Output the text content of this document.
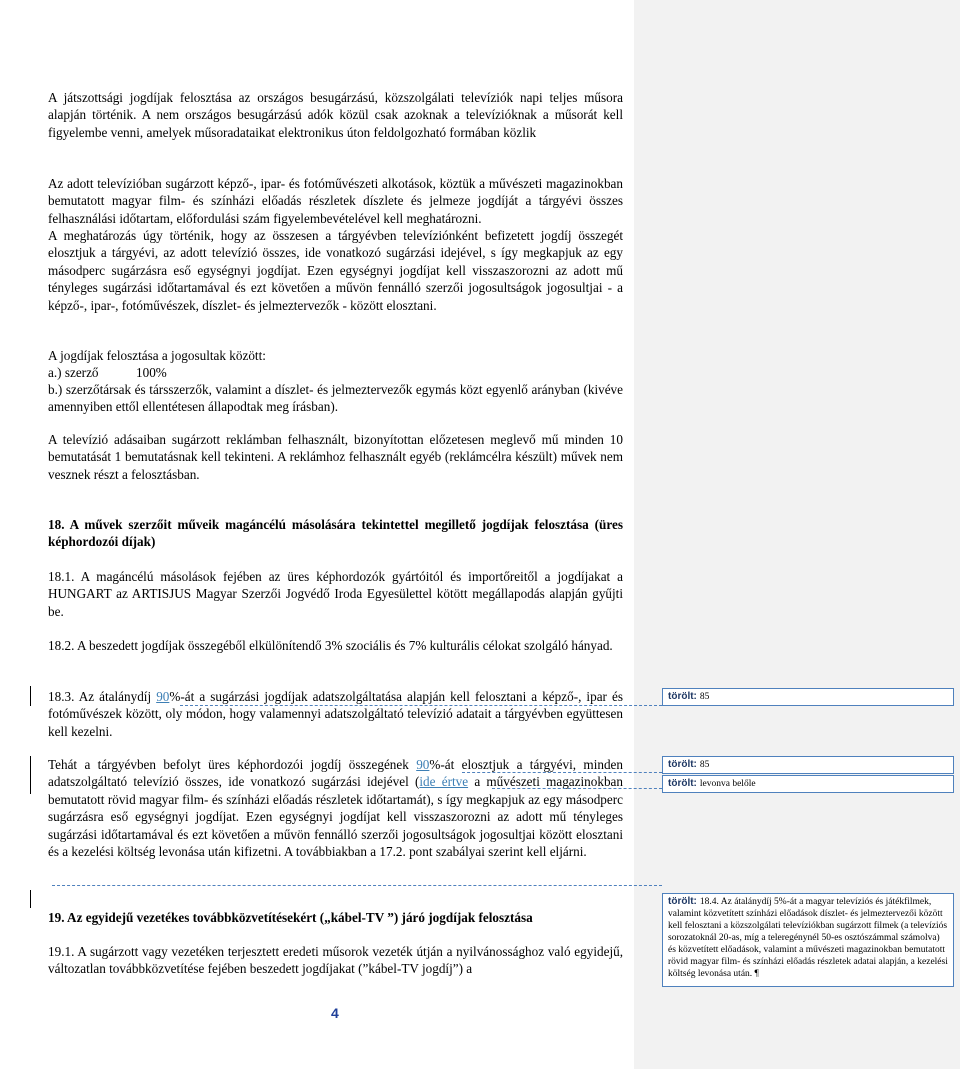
A játszottsági jogdíjak felosztása az országos besugárzású, közszolgálati televíziók napi teljes műsora alapján történik. A nem országos besugárzású adók közül csak azoknak a televízióknak a műsorát kell figyelembe venni, amelyek műsoradataikat elektronikus úton feldolgozható formában közlik

Az adott televízióban sugárzott képző-, ipar- és fotóművészeti alkotások, köztük a művészeti magazinokban bemutatott magyar film- és színházi előadás részletek díszlete és jelmeze jogdíját a tárgyévi összes felhasználási időtartam, előfordulási szám figyelembevételével kell meghatározni.

A meghatározás úgy történik, hogy az összesen a tárgyévben televíziónként befizetett jogdíj összegét elosztjuk a tárgyévi, az adott televízió összes, ide vonatkozó sugárzási idejével, s így megkapjuk az egy másodperc sugárzásra eső egységnyi jogdíjat. Ezen egységnyi jogdíjat kell visszaszorozni az adott mű tényleges sugárzási időtartamával és ezt követően a művön fennálló szerzői jogosultságok jogosultjai - a képző-, ipar-, fotóművészek, díszlet- és jelmeztervezők - között elosztani.

A jogdíjak felosztása a jogosultak között:
a.) szerző	100%

b.) szerzőtársak és társszerzők, valamint a díszlet- és jelmeztervezők egymás közt egyenlő arányban (kivéve amennyiben ettől ellentétesen állapodtak meg írásban).

A televízió adásaiban sugárzott reklámban felhasznált, bizonyítottan előzetesen meglevő mű minden 10 bemutatását 1 bemutatásnak kell tekinteni. A reklámhoz felhasznált egyéb (reklámcélra készült) művek nem vesznek részt a felosztásban.

18. A művek szerzőit műveik magáncélú másolására tekintettel megillető jogdíjak felosztása (üres képhordozói díjak)

18.1. A magáncélú másolások fejében az üres képhordozók gyártóitól és importőreitől a jogdíjakat a HUNGART az ARTISJUS Magyar Szerzői Jogvédő Iroda Egyesülettel kötött megállapodás alapján gyűjti be.

18.2. A beszedett jogdíjak összegéből elkülönítendő 3% szociális és 7% kulturális célokat szolgáló hányad.

18.3. Az átalánydíj 90%-át a sugárzási jogdíjak adatszolgáltatása alapján kell felosztani a képző-, ipar és fotóművészek között, oly módon, hogy valamennyi adatszolgáltató televízió adatait a tárgyévben együttesen kell kezelni.

Tehát a tárgyévben befolyt üres képhordozói jogdíj összegének 90%-át elosztjuk a tárgyévi, minden adatszolgáltató televízió összes, ide vonatkozó sugárzási idejével (ide értve a művészeti magazinokban bemutatott rövid magyar film- és színházi előadás részletek időtartamát), s így megkapjuk az egy másodperc sugárzásra eső egységnyi jogdíjat. Ezen egységnyi jogdíjat kell visszaszorozni az adott mű tényleges sugárzási időtartamával és ezt követően a művön fennálló szerzői jogosultságok jogosultjai között elosztani és a kezelési költség levonása után kifizetni. A továbbiakban a 17.2. pont szabályai szerint kell eljárni.

19. Az egyidejű vezetékes továbbközvetítésekért („kábel-TV ”) járó jogdíjak felosztása

19.1. A sugárzott vagy vezetéken terjesztett eredeti műsorok vezeték útján a nyilvánossághoz való egyidejű, változatlan továbbközvetítése fejében beszedett jogdíjakat (”kábel-TV jogdíj”) a

4
törölt: 85
törölt: 85
törölt: levonva belőle
törölt: 18.4. Az átalánydíj 5%-át a magyar televíziós és játékfilmek, valamint közvetített színházi előadások díszlet- és jelmeztervezői között kell felosztani a közszolgálati televíziókban sugárzott filmek (a televíziós sorozatoknál 20-as, míg a teleregénynél 50-es osztószámmal számolva) és közvetített előadások, valamint a művészeti magazinokban bemutatott rövid magyar film- és színházi előadás részletek adatai alapján, a kezelési költség levonása után. ¶
